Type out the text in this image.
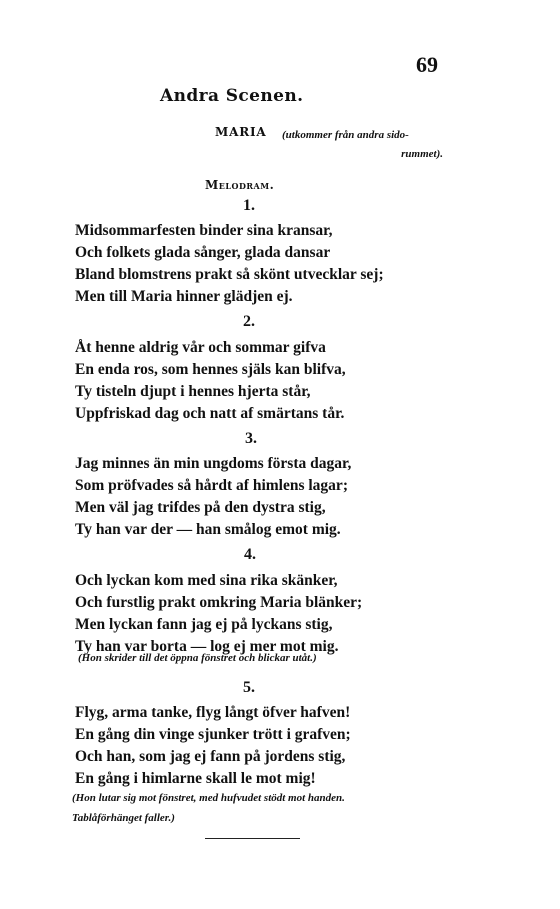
69
Andra Scenen.
MARIA (utkommer från andra sido-
rummet).
Melodram.
1.
Midsommarfesten binder sina kransar,
Och folkets glada sånger, glada dansar
Bland blomstrens prakt så skönt utvecklar sej;
Men till Maria hinner glädjen ej.
2.
Åt henne aldrig vår och sommar gifva
En enda ros, som hennes själs kan blifva,
Ty tisteln djupt i hennes hjerta står,
Uppfriskad dag och natt af smärtans tår.
3.
Jag minnes än min ungdoms första dagar,
Som pröfvades så hårdt af himlens lagar;
Men väl jag trifdes på den dystra stig,
Ty han var der — han smålog emot mig.
4.
Och lyckan kom med sina rika skänker,
Och furstlig prakt omkring Maria blänker;
Men lyckan fann jag ej på lyckans stig,
Ty han var borta — log ej mer mot mig.
(Hon skrider till det öppna fönstret och blickar utåt.)
5.
Flyg, arma tanke, flyg långt öfver hafven!
En gång din vinge sjunker trött i grafven;
Och han, som jag ej fann på jordens stig,
En gång i himlarne skall le mot mig!
(Hon lutar sig mot fönstret, med hufvudet stödt mot handen.
Tablåförhänget faller.)
